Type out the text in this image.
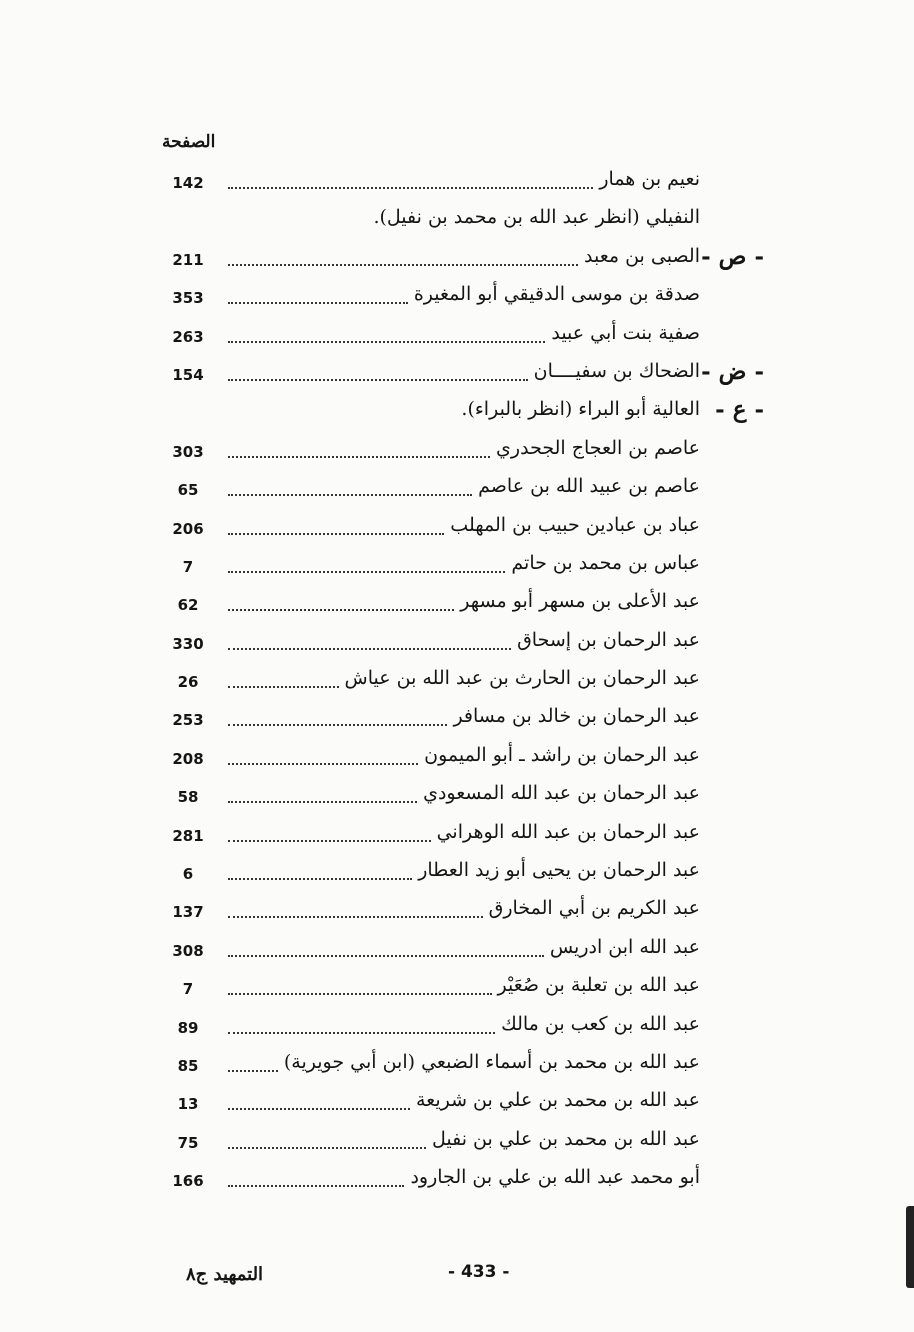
الصفحة
نعيم بن همار
142
النفيلي (انظر عبد الله بن محمد بن نفيل).
- ص -
الصبى بن معبد
211
صدقة بن موسى الدقيقي أبو المغيرة
353
صفية بنت أبي عبيد
263
- ض -
الضحاك بن سفيــــان
154
- ع -
العالية أبو البراء (انظر بالبراء).
عاصم بن العجاج الجحدري
303
عاصم بن عبيد الله بن عاصم
65
عباد بن عبادين حبيب بن المهلب
206
عباس بن محمد بن حاتم
7
عبد الأعلى بن مسهر أبو مسهر
62
عبد الرحمان بن إسحاق
330
عبد الرحمان بن الحارث بن عبد الله بن عياش
26
عبد الرحمان بن خالد بن مسافر
253
عبد الرحمان بن راشد ـ أبو الميمون
208
عبد الرحمان بن عبد الله المسعودي
58
عبد الرحمان بن عبد الله الوهراني
281
عبد الرحمان بن يحيى أبو زيد العطار
6
عبد الكريم بن أبي المخارق
137
عبد الله ابن ادريس
308
عبد الله بن تعلبة بن صُعَيْر
7
عبد الله بن كعب بن مالك
89
عبد الله بن محمد بن أسماء الضبعي (ابن أبي جويرية)
85
عبد الله بن محمد بن علي بن شريعة
13
عبد الله بن محمد بن علي بن نفيل
75
أبو محمد عبد الله بن علي بن الجارود
166
التمهيد ج٨	- 433 -
